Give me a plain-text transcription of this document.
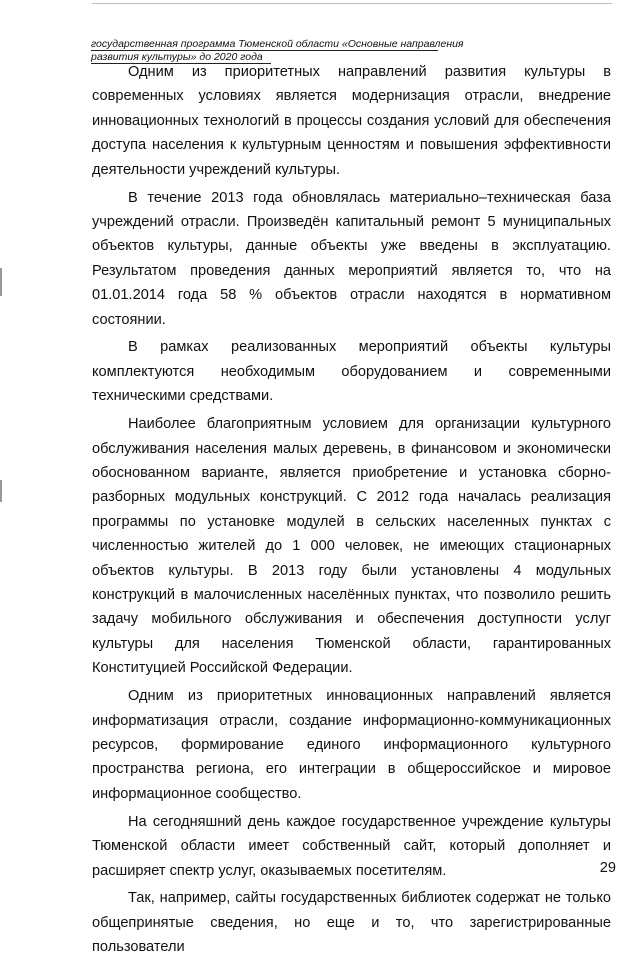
государственная программа Тюменской области «Основные направления
развития культуры» до 2020 года

Одним из приоритетных направлений развития культуры в современных условиях является модернизация отрасли, внедрение инновационных технологий в процессы создания условий для обеспечения доступа населения к культурным ценностям и повышения эффективности деятельности учреждений культуры.

В течение 2013 года обновлялась материально–техническая база учреждений отрасли. Произведён капитальный ремонт 5 муниципальных объектов культуры, данные объекты уже введены в эксплуатацию. Результатом проведения данных мероприятий является то, что на 01.01.2014 года 58 % объектов отрасли находятся в нормативном состоянии.

В рамках реализованных мероприятий объекты культуры комплектуются необходимым оборудованием и современными техническими средствами.

Наиболее благоприятным условием для организации культурного обслуживания населения малых деревень, в финансовом и экономически обоснованном варианте, является приобретение и установка сборно-разборных модульных конструкций. С 2012 года началась реализация программы по установке модулей в сельских населенных пунктах с численностью жителей до 1 000 человек, не имеющих стационарных объектов культуры. В 2013 году были установлены 4 модульных конструкций в малочисленных населённых пунктах, что позволило решить задачу мобильного обслуживания и обеспечения доступности услуг культуры для населения Тюменской области, гарантированных Конституцией Российской Федерации.

Одним из приоритетных инновационных направлений является информатизация отрасли, создание информационно-коммуникационных ресурсов, формирование единого информационного культурного пространства региона, его интеграции в общероссийское и мировое информационное сообщество.

На сегодняшний день каждое государственное учреждение культуры Тюменской области имеет собственный сайт, который дополняет и расширяет спектр услуг, оказываемых посетителям.

Так, например, сайты государственных библиотек содержат не только общепринятые сведения, но еще и то, что зарегистрированные пользователи

29
